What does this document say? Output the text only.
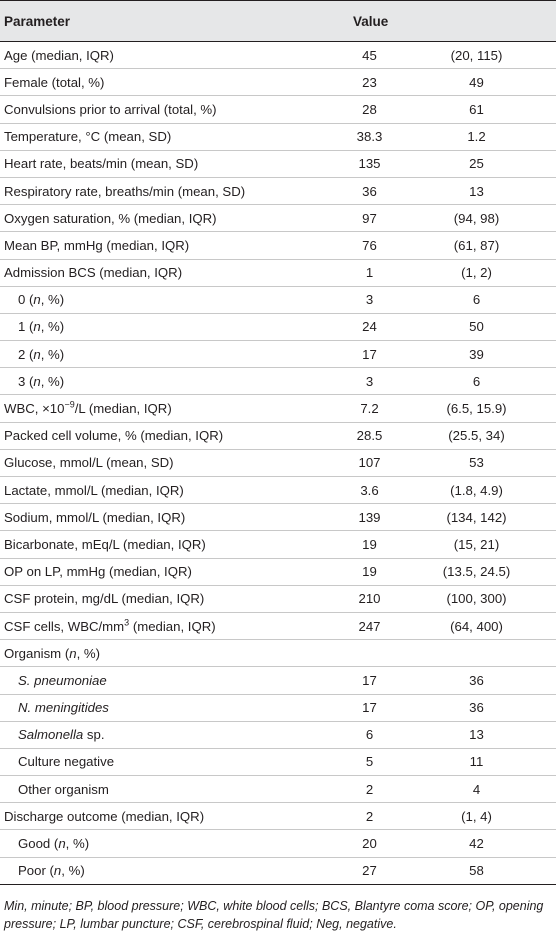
Parameter	Value	
Age (median, IQR)	45	(20, 115)
Female (total, %)	23	49
Convulsions prior to arrival (total, %)	28	61
Temperature, °C (mean, SD)	38.3	1.2
Heart rate, beats/min (mean, SD)	135	25
Respiratory rate, breaths/min (mean, SD)	36	13
Oxygen saturation, % (median, IQR)	97	(94, 98)
Mean BP, mmHg (median, IQR)	76	(61, 87)
Admission BCS (median, IQR)	1	(1, 2)
0 (n, %)	3	6
1 (n, %)	24	50
2 (n, %)	17	39
3 (n, %)	3	6
WBC, $\times 10^{-9}/L$ (median, IQR)	7.2	(6.5, 15.9)
Packed cell volume, % (median, IQR)	28.5	(25.5, 34)
Glucose, mmol/L (mean, SD)	107	53
Lactate, mmol/L (median, IQR)	3.6	(1.8, 4.9)
Sodium, mmol/L (median, IQR)	139	(134, 142)
Bicarbonate, mEq/L (median, IQR)	19	(15, 21)
OP on LP, mmHg (median, IQR)	19	(13.5, 24.5)
CSF protein, mg/dL (median, IQR)	210	(100, 300)
CSF cells, WBC/$mm^3$ (median, IQR)	247	(64, 400)
Organism (n, %)		
S. pneumoniae	17	36
N. meningitides	17	36
Salmonella sp.	6	13
Culture negative	5	11
Other organism	2	4
Discharge outcome (median, IQR)	2	(1, 4)
Good (n, %)	20	42
Poor (n, %)	27	58
Min, minute; BP, blood pressure; WBC, white blood cells; BCS, Blantyre coma score; OP, opening pressure; LP, lumbar puncture; CSF, cerebrospinal fluid; Neg, negative.
